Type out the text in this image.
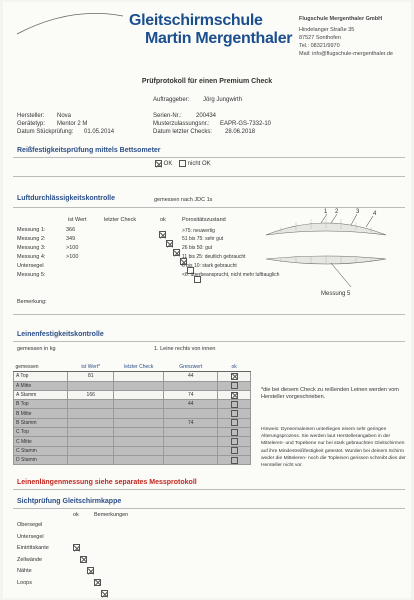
Gleitschirmschule
Martin Mergenthaler
Flugschule Mergenthaler GmbH
Hindelanger Straße 35
87527 Sonthofen
Tel.: 08321/9970
Mail: info@flugschule-mergenthaler.de
Prüfprotokoll für einen Premium Check
Auftraggeber: Jörg Jungwirth
Hersteller: Nova
Gerätetyp: Mentor 2 M
Datum Stückprüfung: 01.05.2014
Serien-Nr.: 200434
Musterzulassungsnr.: EAPR-GS-7332-10
Datum letzter Checks: 28.06.2018
Reißfestigkeitsprüfung mittels Bettsometer
OK	nicht OK
Luftdurchlässigkeitskontrolle	gemessen nach JDC 1s
ist Wert	letzter Check	ok	Porositätszustand
Messung 1:	366
Messung 2:	349
Messung 3:	>100
Messung 4:	>100
Untersegel
Messung 5:
>75: neuwertig
51 bis 75: sehr gut
26 bis 50: gut
11 bis 25: deutlich gebraucht
6 bis 10: stark gebraucht
<6: überbeansprucht, nicht mehr lufttauglich
1 2	3 4
Messung 5
Bemerkung:
Leinenfestigkeitskontrolle
gemessen in kg	1. Leine rechts von innen
gemessen	ist Wert*	letzter Check	Grenzwert	ok
A Top	81		44	
A Mitte				
A Stamm	166		74	
B Top			44	
B Mitte				
B Stamm			74	
C Top				
C Mitte				
C Stamm				
D Stamm				
*die bei diesem Check zu reißenden Leinen werden vom Hersteller vorgeschrieben.
Hinweis: Dyneemaleinen unterliegen einem sehr geringen Alterungsprozess. Sie werden laut Herstellerangaben in der Mitteleren- und Topebene nur bei stark gebrauchten Gleitschirmen auf ihre Mindestreißfestigkeit getestet. Wurden bei deinem Schirm weder die Mitteleren- noch die Topleinen gerissen schreibt dies der Hersteller nicht vor.
Leinenlängenmessung siehe separates Messprotokoll
Sichtprüfung Gleitschirmkappe
ok	Bemerkungen
Obersegel
Untersegel
Eintrittskante
Zellwände
Nähte
Loops
